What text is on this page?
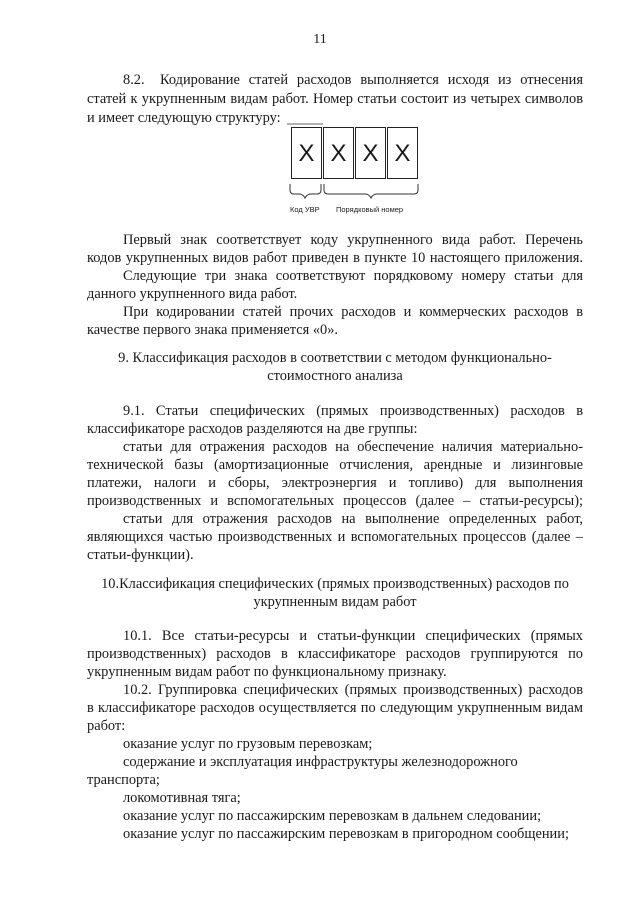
11
8.2. Кодирование статей расходов выполняется исходя из отнесения
статей к укрупненным видам работ. Номер статьи состоит из четырех символов
и имеет следующую структуру:
X X X X
Код УВР Порядковый номер
Первый знак соответствует коду укрупненного вида работ. Перечень
кодов укрупненных видов работ приведен в пункте 10 настоящего приложения.
Следующие три знака соответствуют порядковому номеру статьи для
данного укрупненного вида работ.
При кодировании статей прочих расходов и коммерческих расходов в
качестве первого знака применяется «0».
9. Классификация расходов в соответствии с методом функционально-
стоимостного анализа
9.1. Статьи специфических (прямых производственных) расходов в
классификаторе расходов разделяются на две группы:
статьи для отражения расходов на обеспечение наличия материально-
технической базы (амортизационные отчисления, арендные и лизинговые
платежи, налоги и сборы, электроэнергия и топливо) для выполнения
производственных и вспомогательных процессов (далее – статьи-ресурсы);
статьи для отражения расходов на выполнение определенных работ,
являющихся частью производственных и вспомогательных процессов (далее –
статьи-функции).
10.Классификация специфических (прямых производственных) расходов по
укрупненным видам работ
10.1. Все статьи-ресурсы и статьи-функции специфических (прямых
производственных) расходов в классификаторе расходов группируются по
укрупненным видам работ по функциональному признаку.
10.2. Группировка специфических (прямых производственных) расходов
в классификаторе расходов осуществляется по следующим укрупненным видам
работ:
оказание услуг по грузовым перевозкам;
содержание и эксплуатация инфраструктуры железнодорожного
транспорта;
локомотивная тяга;
оказание услуг по пассажирским перевозкам в дальнем следовании;
оказание услуг по пассажирским перевозкам в пригородном сообщении;
